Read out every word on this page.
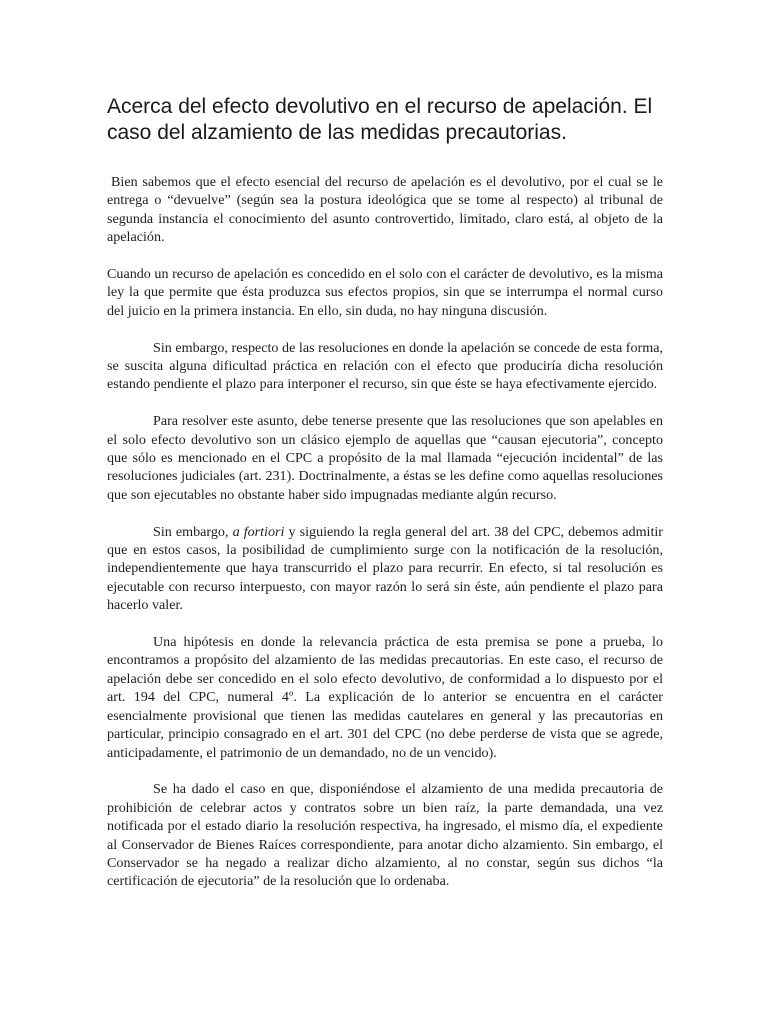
Acerca del efecto devolutivo en el recurso de apelación. El caso del alzamiento de las medidas precautorias.

Bien sabemos que el efecto esencial del recurso de apelación es el devolutivo, por el cual se le entrega o “devuelve” (según sea la postura ideológica que se tome al respecto) al tribunal de segunda instancia el conocimiento del asunto controvertido, limitado, claro está, al objeto de la apelación.

Cuando un recurso de apelación es concedido en el solo con el carácter de devolutivo, es la misma ley la que permite que ésta produzca sus efectos propios, sin que se interrumpa el normal curso del juicio en la primera instancia. En ello, sin duda, no hay ninguna discusión.

Sin embargo, respecto de las resoluciones en donde la apelación se concede de esta forma, se suscita alguna dificultad práctica en relación con el efecto que produciría dicha resolución estando pendiente el plazo para interponer el recurso, sin que éste se haya efectivamente ejercido.

Para resolver este asunto, debe tenerse presente que las resoluciones que son apelables en el solo efecto devolutivo son un clásico ejemplo de aquellas que “causan ejecutoria”, concepto que sólo es mencionado en el CPC a propósito de la mal llamada “ejecución incidental” de las resoluciones judiciales (art. 231). Doctrinalmente, a éstas se les define como aquellas resoluciones que son ejecutables no obstante haber sido impugnadas mediante algún recurso.

Sin embargo, a fortiori y siguiendo la regla general del art. 38 del CPC, debemos admitir que en estos casos, la posibilidad de cumplimiento surge con la notificación de la resolución, independientemente que haya transcurrido el plazo para recurrir. En efecto, si tal resolución es ejecutable con recurso interpuesto, con mayor razón lo será sin éste, aún pendiente el plazo para hacerlo valer.

Una hipótesis en donde la relevancia práctica de esta premisa se pone a prueba, lo encontramos a propósito del alzamiento de las medidas precautorias. En este caso, el recurso de apelación debe ser concedido en el solo efecto devolutivo, de conformidad a lo dispuesto por el art. 194 del CPC, numeral 4º. La explicación de lo anterior se encuentra en el carácter esencialmente provisional que tienen las medidas cautelares en general y las precautorias en particular, principio consagrado en el art. 301 del CPC (no debe perderse de vista que se agrede, anticipadamente, el patrimonio de un demandado, no de un vencido).

Se ha dado el caso en que, disponiéndose el alzamiento de una medida precautoria de prohibición de celebrar actos y contratos sobre un bien raíz, la parte demandada, una vez notificada por el estado diario la resolución respectiva, ha ingresado, el mismo día, el expediente al Conservador de Bienes Raíces correspondiente, para anotar dicho alzamiento. Sin embargo, el Conservador se ha negado a realizar dicho alzamiento, al no constar, según sus dichos “la certificación de ejecutoria” de la resolución que lo ordenaba.
